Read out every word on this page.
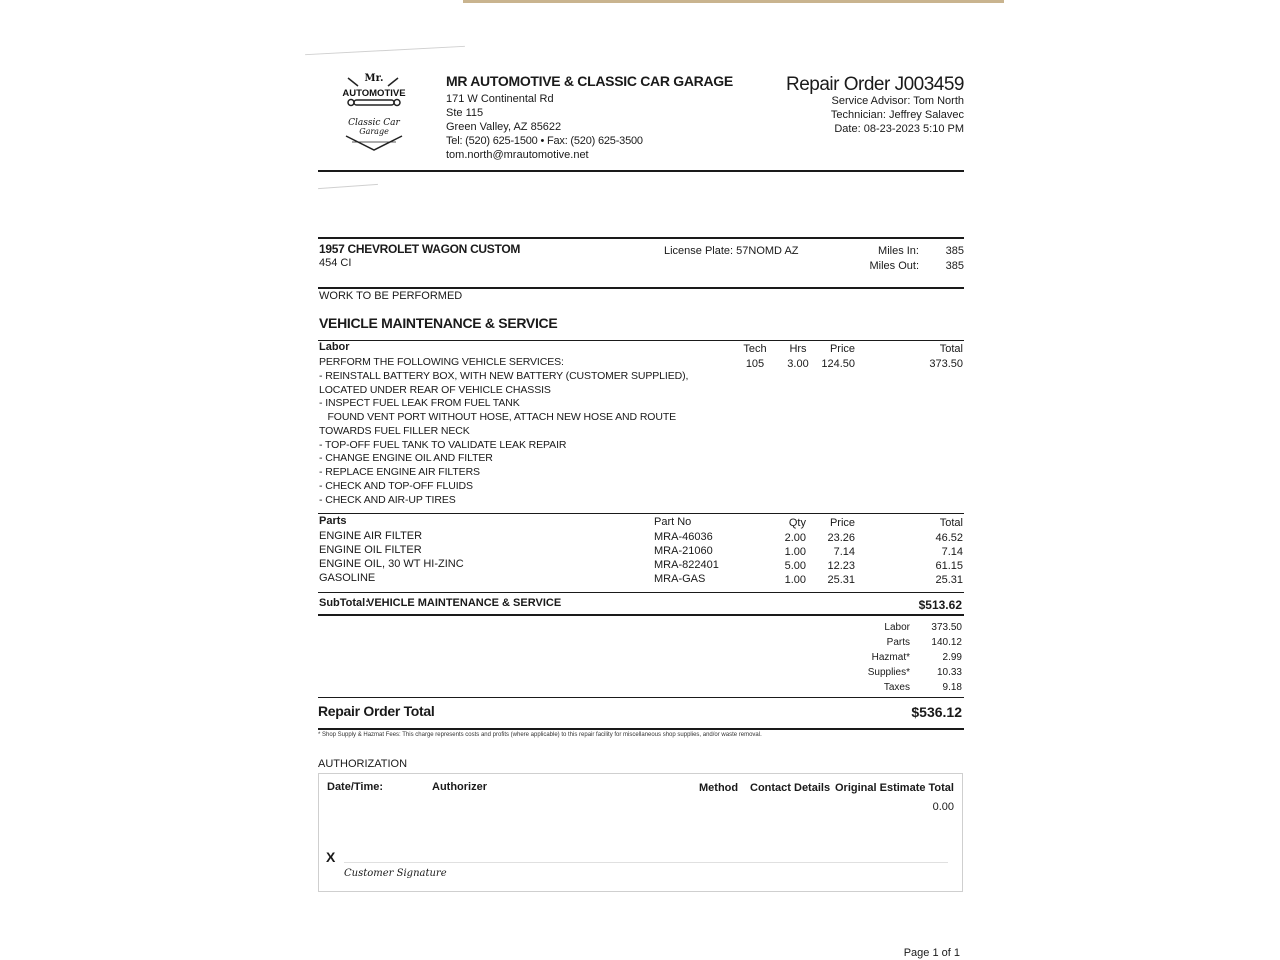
Mr.
AUTOMOTIVE
Classic Car
Garage
MR AUTOMOTIVE & CLASSIC CAR GARAGE
171 W Continental Rd
Ste 115
Green Valley, AZ 85622
Tel: (520) 625-1500 • Fax: (520) 625-3500
tom.north@mrautomotive.net
Repair Order J003459
Service Advisor: Tom North
Technician: Jeffrey Salavec
Date: 08-23-2023 5:10 PM
1957 CHEVROLET WAGON CUSTOM
454 CI
License Plate: 57NOMD AZ	Miles In: 385
Miles Out: 385
WORK TO BE PERFORMED
VEHICLE MAINTENANCE & SERVICE
Labor	Tech	Hrs	Price	Total
105	3.00	124.50	373.50
PERFORM THE FOLLOWING VEHICLE SERVICES:
- REINSTALL BATTERY BOX, WITH NEW BATTERY (CUSTOMER SUPPLIED),
LOCATED UNDER REAR OF VEHICLE CHASSIS
- INSPECT FUEL LEAK FROM FUEL TANK
FOUND VENT PORT WITHOUT HOSE, ATTACH NEW HOSE AND ROUTE
TOWARDS FUEL FILLER NECK
- TOP-OFF FUEL TANK TO VALIDATE LEAK REPAIR
- CHANGE ENGINE OIL AND FILTER
- REPLACE ENGINE AIR FILTERS
- CHECK AND TOP-OFF FLUIDS
- CHECK AND AIR-UP TIRES
Parts	Part No	Qty Price	Total
ENGINE AIR FILTER	MRA-46036	2.00 23.26	46.52
ENGINE OIL FILTER	MRA-21060	1.00	7.14	7.14
ENGINE OIL, 30 WT HI-ZINC	MRA-822401	5.00 12.23	61.15
GASOLINE	MRA-GAS	1.00 25.31	25.31
SubTotal:
VEHICLE MAINTENANCE & SERVICE	$513.62
Labor 373.50
Parts 140.12
Hazmat*	2.99
Supplies*	10.33
Taxes	9.18
Repair Order Total	$536.12
* Shop Supply & Hazmat Fees: This charge represents costs and profits (where applicable) to this repair facility for miscellaneous shop supplies, and/or waste removal.
AUTHORIZATION
Date/Time:	Authorizer	Method Contact Details Original Estimate Total
0.00
X
Customer Signature
Page 1 of 1
